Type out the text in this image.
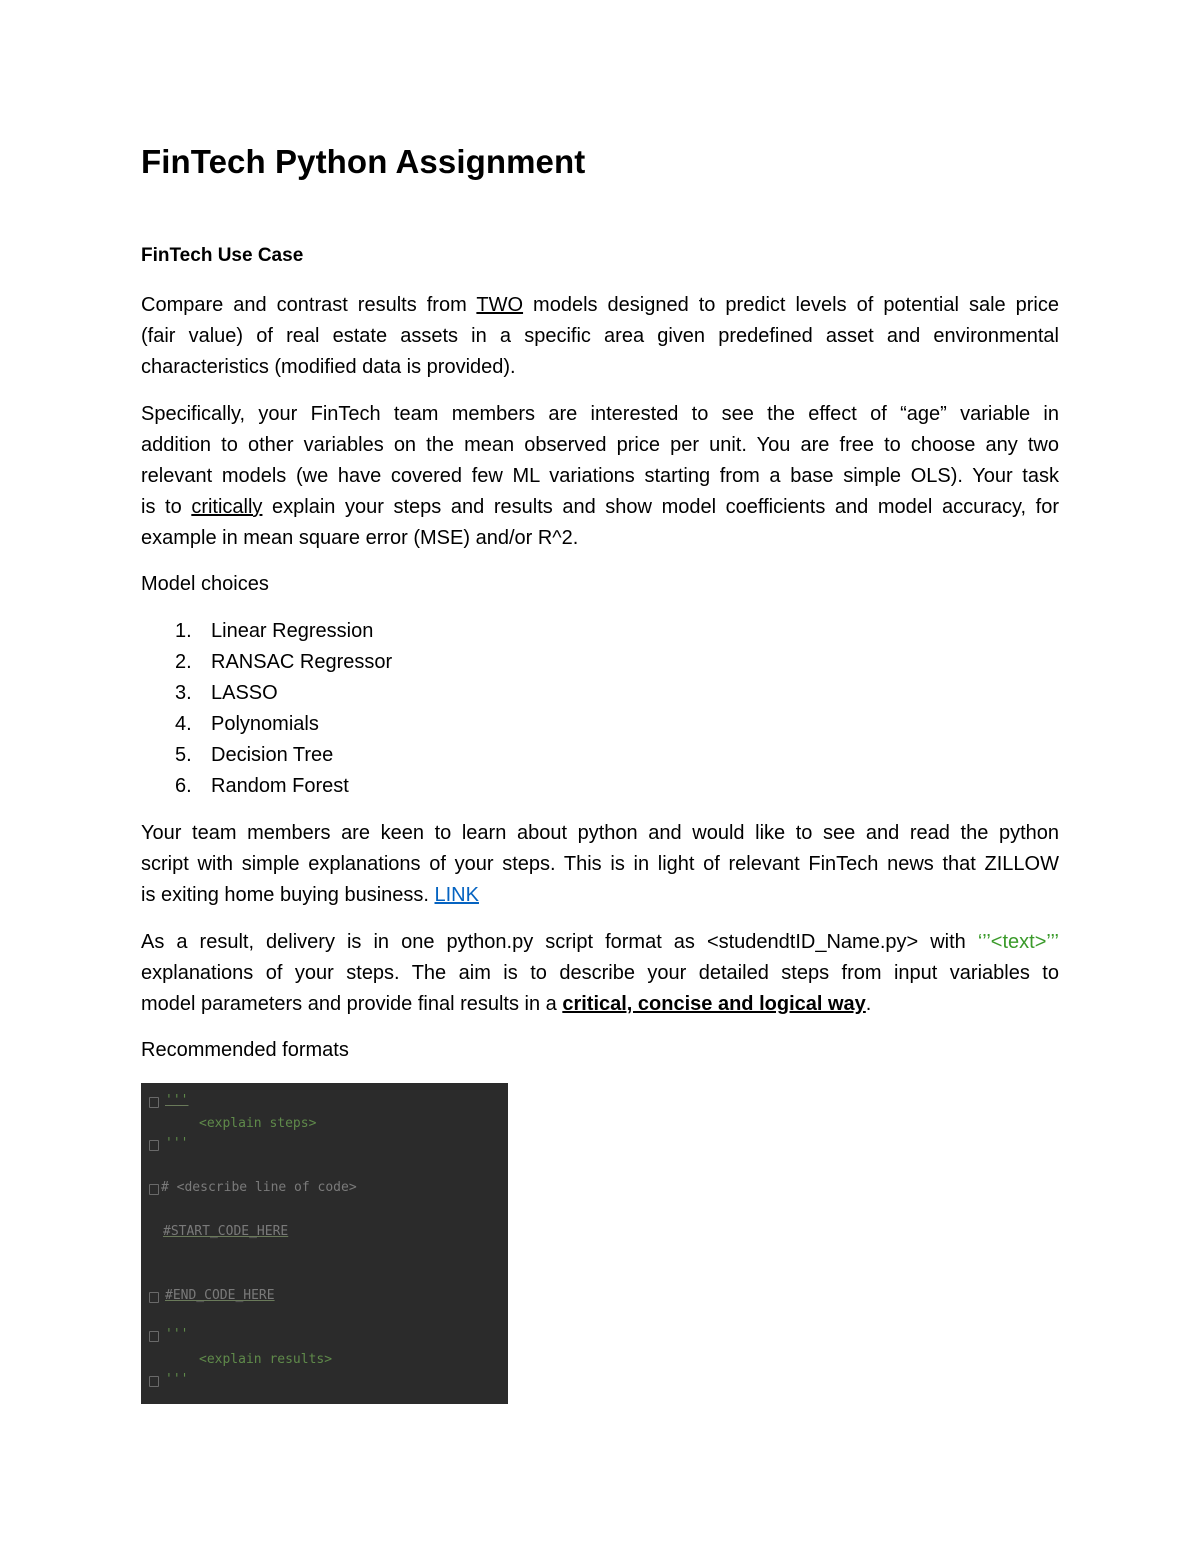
FinTech Python Assignment
FinTech Use Case
Compare and contrast results from TWO models designed to predict levels of potential sale price
(fair value) of real estate assets in a specific area given predefined asset and environmental
characteristics (modified data is provided).
Specifically, your FinTech team members are interested to see the effect of “age” variable in
addition to other variables on the mean observed price per unit. You are free to choose any two
relevant models (we have covered few ML variations starting from a base simple OLS). Your task
is to critically explain your steps and results and show model coefficients and model accuracy, for
example in mean square error (MSE) and/or R^2.
Model choices
1. Linear Regression
2. RANSAC Regressor
3. LASSO
4. Polynomials
5. Decision Tree
6. Random Forest
Your team members are keen to learn about python and would like to see and read the python
script with simple explanations of your steps. This is in light of relevant FinTech news that ZILLOW
is exiting home buying business. LINK
As a result, delivery is in one python.py script format as <studendtID_Name.py> with ‘’’<text>’’’
explanations of your steps. The aim is to describe your detailed steps from input variables to
model parameters and provide final results in a critical, concise and logical way.
Recommended formats
'''
<explain steps>
'''
# <describe line of code>
#START_CODE_HERE
#END_CODE_HERE
'''
<explain results>
'''
